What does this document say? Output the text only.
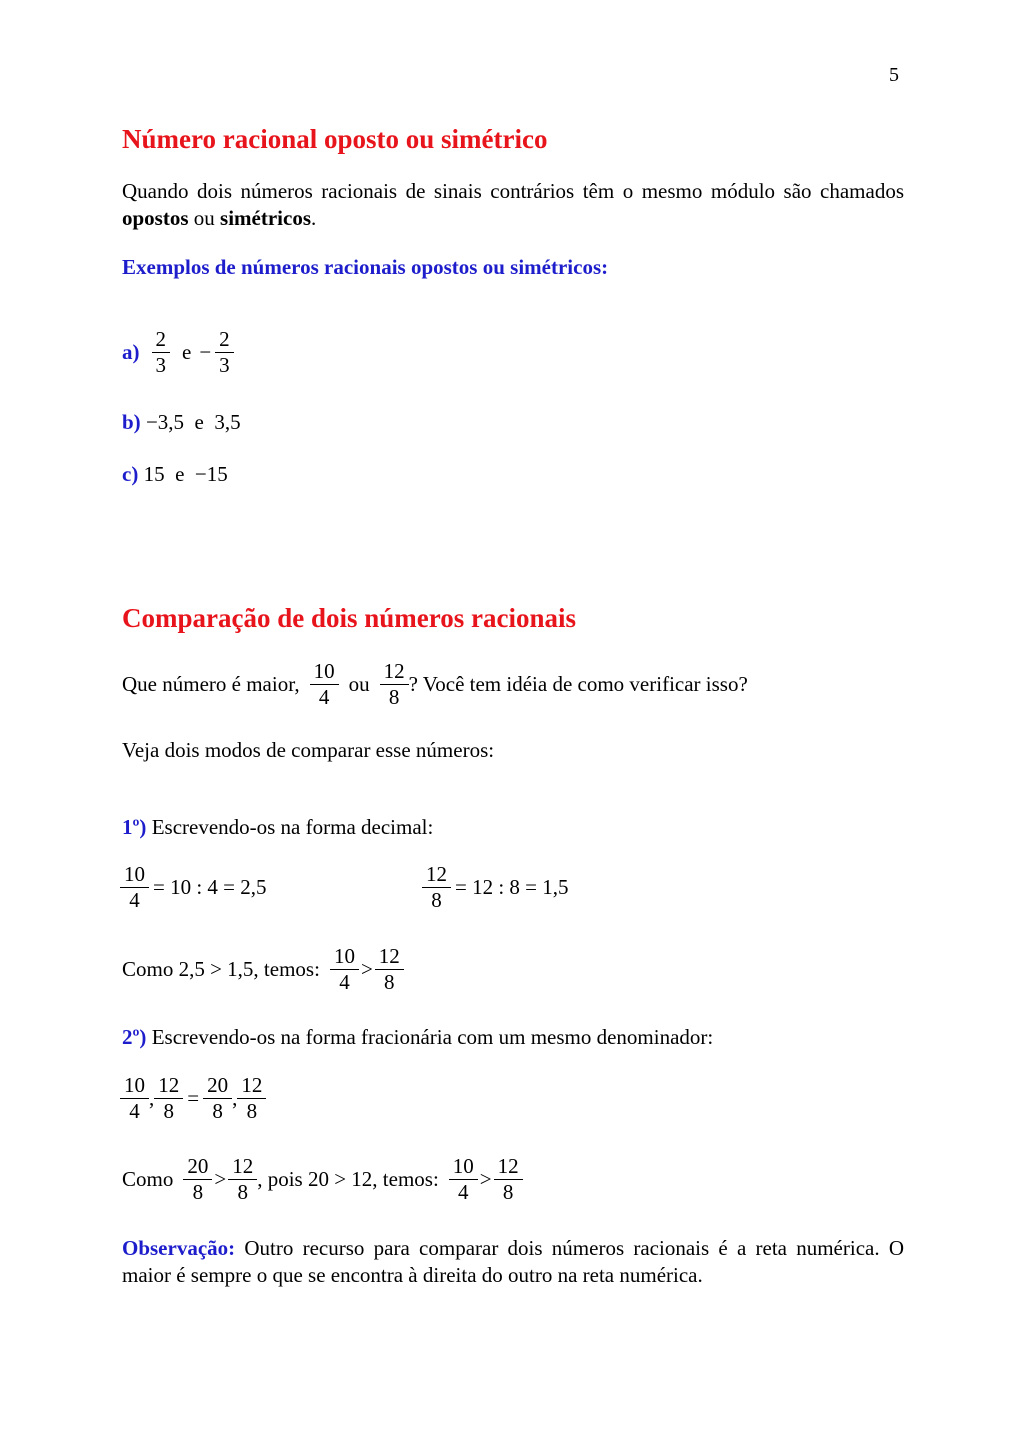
5
Número racional oposto ou simétrico
Quando dois números racionais de sinais contrários têm o mesmo módulo são chamados opostos ou simétricos.
Exemplos de números racionais opostos ou simétricos:
$a) \frac{2}{3}$ $e - \frac{2}{3}$
b) −3,5  e  3,5
c) 15  e  −15
Comparação de dois números racionais
Que número é maior, $\frac{10}{4}$ ou $\frac{12}{8}$ ? Você tem idéia de como verificar isso?
Veja dois modos de comparar esse números:
1º) Escrevendo-os na forma decimal:
$\frac{10}{4} = 10$ : 4 = 2,5	$\frac{12}{8} = 12$ : 8 = 1,5
Como 2,5 > 1,5, temos: $\frac{10}{4} > \frac{12}{8}$
2º) Escrevendo-os na forma fracionária com um mesmo denominador:
$\frac{10}{4}$ , $\frac{12}{8} = \frac{20}{8}$ , $\frac{12}{8}$
Como $\frac{20}{8} > \frac{12}{8}$ , pois 20 > 12, temos: $\frac{10}{4} > \frac{12}{8}$
Observação: Outro recurso para comparar dois números racionais é a reta numérica. O maior é sempre o que se encontra à direita do outro na reta numérica.
